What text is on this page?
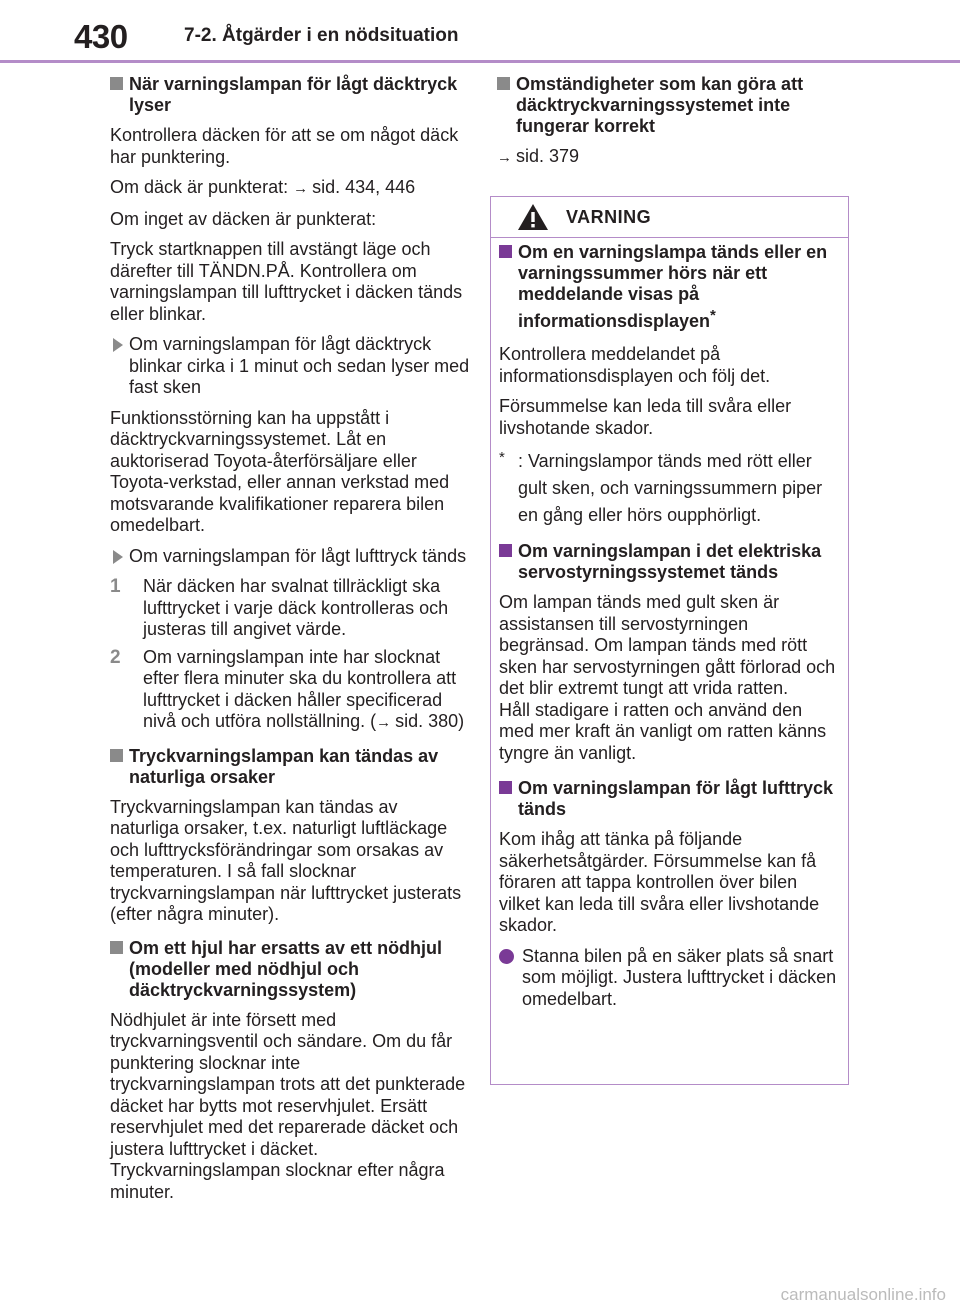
430	7-2. Åtgärder i en nödsituation

När varningslampan för lågt däcktryck lyser

Kontrollera däcken för att se om något däck har punktering.

Om däck är punkterat: → sid. 434, 446

Om inget av däcken är punkterat:

Tryck startknappen till avstängt läge och därefter till TÄNDN.PÅ. Kontrollera om varningslampan till lufttrycket i däcken tänds eller blinkar.

Om varningslampan för lågt däcktryck blinkar cirka i 1 minut och sedan lyser med fast sken

Funktionsstörning kan ha uppstått i däcktryckvarningssystemet. Låt en auktoriserad Toyota-återförsäljare eller Toyota-verkstad, eller annan verkstad med motsvarande kvalifikationer reparera bilen omedelbart.

Om varningslampan för lågt lufttryck tänds

1 När däcken har svalnat tillräckligt ska lufttrycket i varje däck kontrolleras och justeras till angivet värde.

2 Om varningslampan inte har slocknat efter flera minuter ska du kontrollera att lufttrycket i däcken håller specificerad nivå och utföra nollställning. (→ sid. 380)

Tryckvarningslampan kan tändas av naturliga orsaker

Tryckvarningslampan kan tändas av naturliga orsaker, t.ex. naturligt luftläckage och lufttrycksförändringar som orsakas av temperaturen. I så fall slocknar tryckvarningslampan när lufttrycket justerats (efter några minuter).

Om ett hjul har ersatts av ett nödhjul (modeller med nödhjul och däcktryckvarningssystem)

Nödhjulet är inte försett med tryckvarningsventil och sändare. Om du får punktering slocknar inte tryckvarningslampan trots att det punkterade däcket har bytts mot reservhjulet. Ersätt reservhjulet med det reparerade däcket och justera lufttrycket i däcket. Tryckvarningslampan slocknar efter några minuter.

Omständigheter som kan göra att däcktryckvarningssystemet inte fungerar korrekt

→ sid. 379

VARNING

Om en varningslampa tänds eller en varningssummer hörs när ett meddelande visas på informationsdisplayen*

Kontrollera meddelandet på informationsdisplayen och följ det.

Försummelse kan leda till svåra eller livshotande skador.

* : Varningslampor tänds med rött eller gult sken, och varningssummern piper en gång eller hörs oupphörligt.

Om varningslampan i det elektriska servostyrningssystemet tänds

Om lampan tänds med gult sken är assistansen till servostyrningen begränsad. Om lampan tänds med rött sken har servostyrningen gått förlorad och det blir extremt tungt att vrida ratten.

Håll stadigare i ratten och använd den med mer kraft än vanligt om ratten känns tyngre än vanligt.

Om varningslampan för lågt lufttryck tänds

Kom ihåg att tänka på följande säkerhetsåtgärder. Försummelse kan få föraren att tappa kontrollen över bilen vilket kan leda till svåra eller livshotande skador.

Stanna bilen på en säker plats så snart som möjligt. Justera lufttrycket i däcken omedelbart.

carmanualsonline.info
